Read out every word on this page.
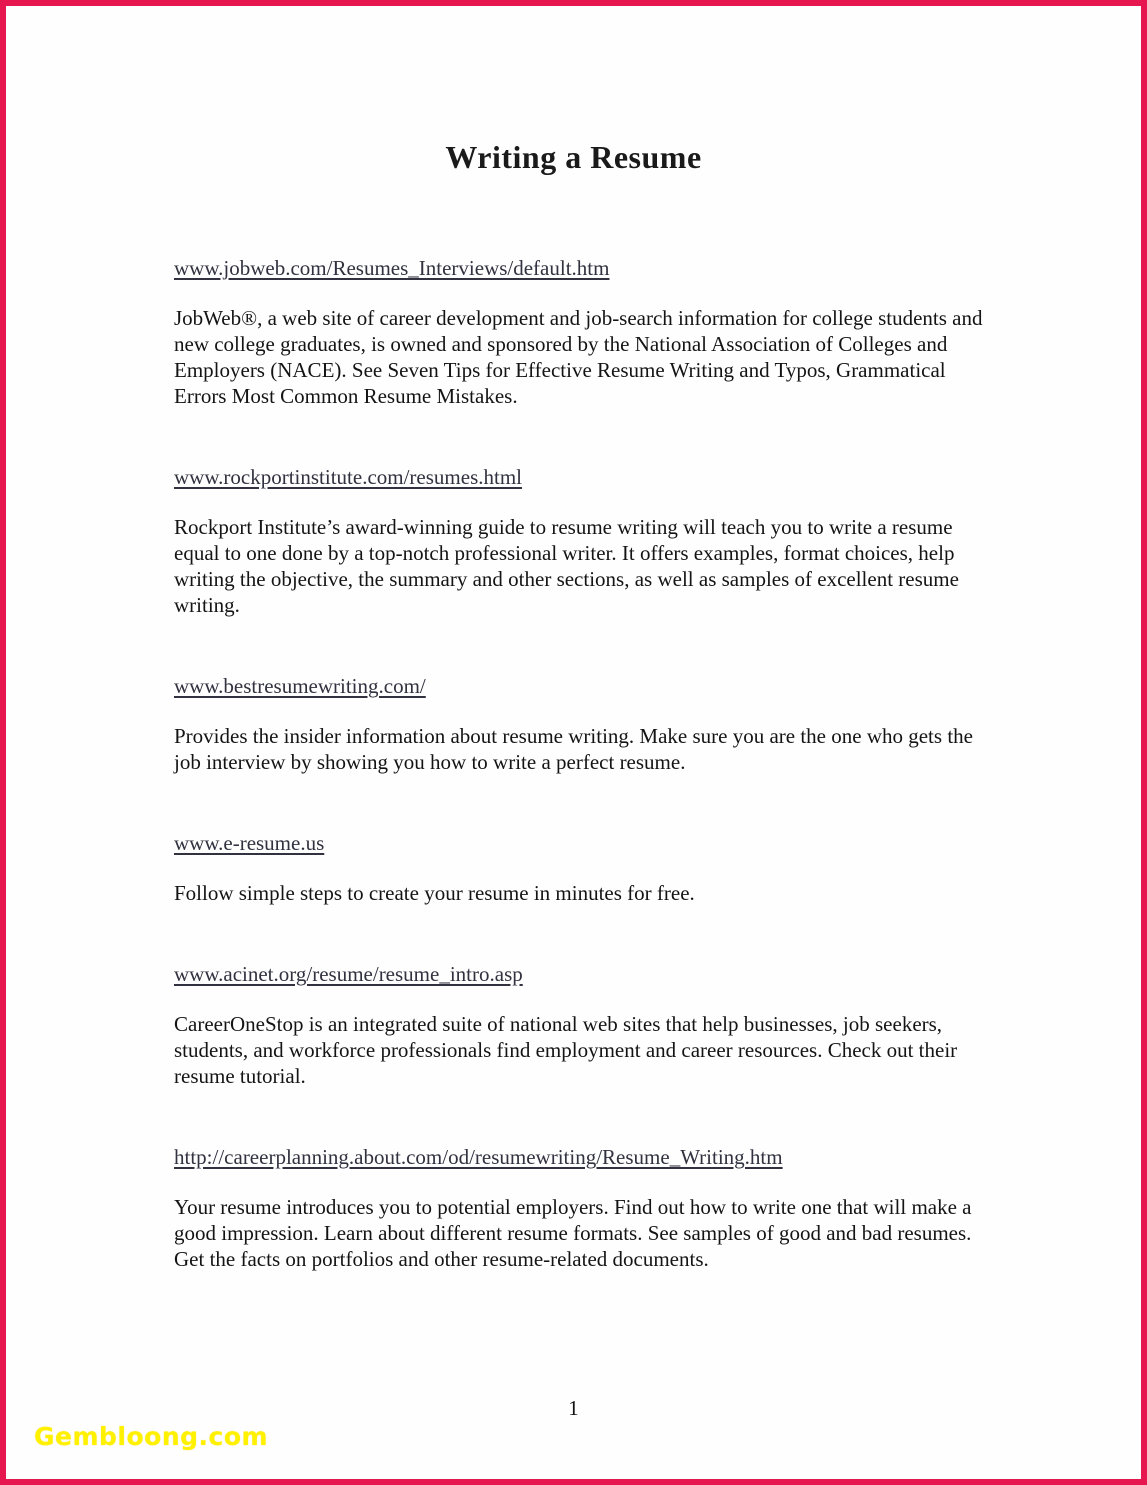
Writing a Resume
www.jobweb.com/Resumes_Interviews/default.htm

JobWeb®, a web site of career development and job-search information for college students and new college graduates, is owned and sponsored by the National Association of Colleges and Employers (NACE). See Seven Tips for Effective Resume Writing and Typos, Grammatical Errors Most Common Resume Mistakes.

www.rockportinstitute.com/resumes.html

Rockport Institute’s award-winning guide to resume writing will teach you to write a resume equal to one done by a top-notch professional writer. It offers examples, format choices, help writing the objective, the summary and other sections, as well as samples of excellent resume writing.

www.bestresumewriting.com/

Provides the insider information about resume writing. Make sure you are the one who gets the job interview by showing you how to write a perfect resume.

www.e-resume.us

Follow simple steps to create your resume in minutes for free.

www.acinet.org/resume/resume_intro.asp

CareerOneStop is an integrated suite of national web sites that help businesses, job seekers, students, and workforce professionals find employment and career resources. Check out their resume tutorial.

http://careerplanning.about.com/od/resumewriting/Resume_Writing.htm

Your resume introduces you to potential employers. Find out how to write one that will make a good impression. Learn about different resume formats. See samples of good and bad resumes. Get the facts on portfolios and other resume-related documents.

1
Gembloong.com
